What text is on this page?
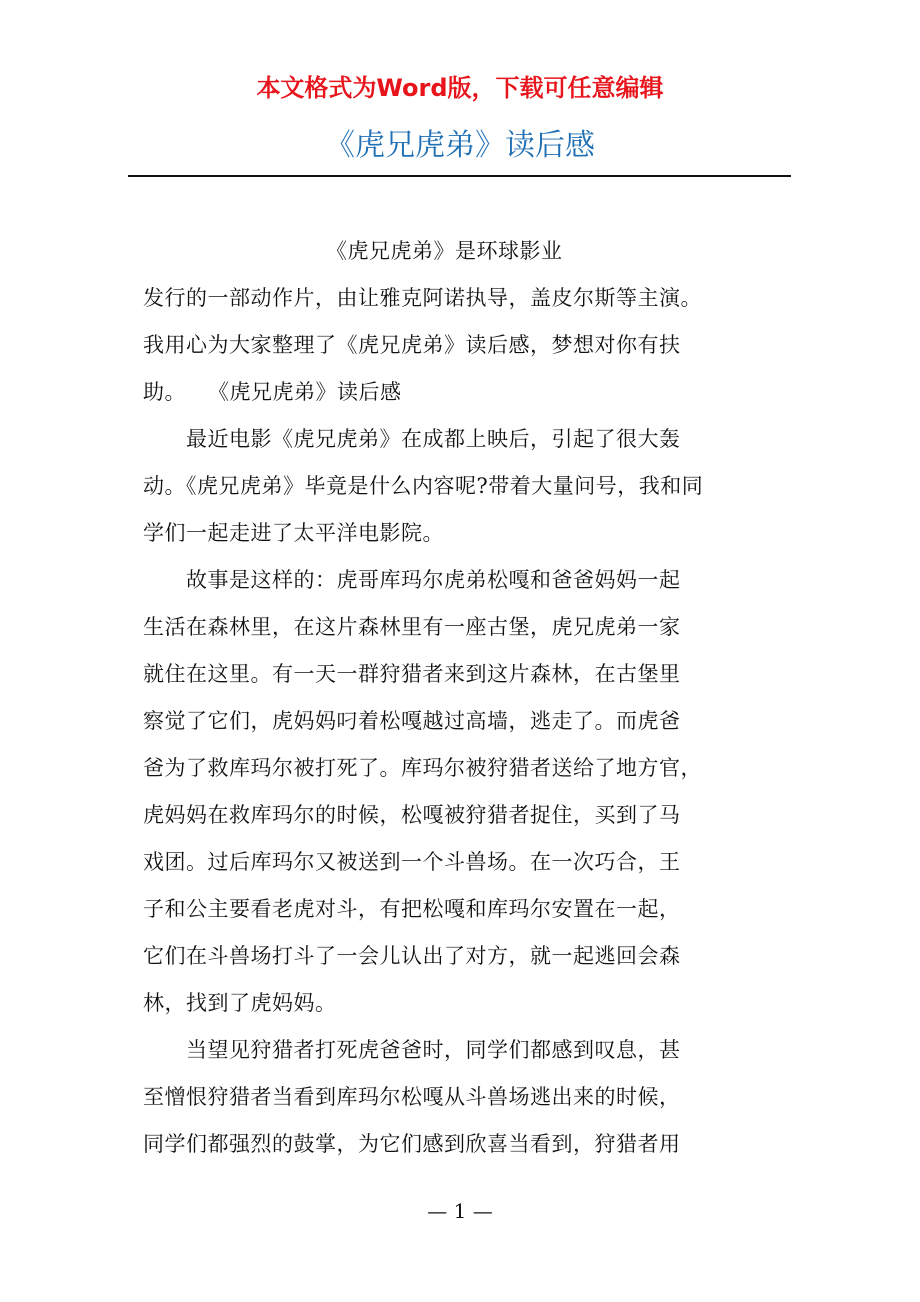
本文格式为Word版，下载可任意编辑
《虎兄虎弟》读后感
　　　　　　　　　《虎兄虎弟》是环球影业
发行的一部动作片，由让雅克阿诺执导，盖皮尔斯等主演。
我用心为大家整理了《虎兄虎弟》读后感，梦想对你有扶
助。　　《虎兄虎弟》读后感
　　最近电影《虎兄虎弟》在成都上映后，引起了很大轰
动。《虎兄虎弟》毕竟是什么内容呢?带着大量问号，我和同
学们一起走进了太平洋电影院。
　　故事是这样的：虎哥库玛尔虎弟松嘎和爸爸妈妈一起
生活在森林里，在这片森林里有一座古堡，虎兄虎弟一家
就住在这里。有一天一群狩猎者来到这片森林，在古堡里
察觉了它们，虎妈妈叼着松嘎越过高墙，逃走了。而虎爸
爸为了救库玛尔被打死了。库玛尔被狩猎者送给了地方官，
虎妈妈在救库玛尔的时候，松嘎被狩猎者捉住，买到了马
戏团。过后库玛尔又被送到一个斗兽场。在一次巧合，王
子和公主要看老虎对斗，有把松嘎和库玛尔安置在一起，
它们在斗兽场打斗了一会儿认出了对方，就一起逃回会森
林，找到了虎妈妈。
　　当望见狩猎者打死虎爸爸时，同学们都感到叹息，甚
至憎恨狩猎者当看到库玛尔松嘎从斗兽场逃出来的时候，
同学们都强烈的鼓掌，为它们感到欣喜当看到，狩猎者用
— 1 —
